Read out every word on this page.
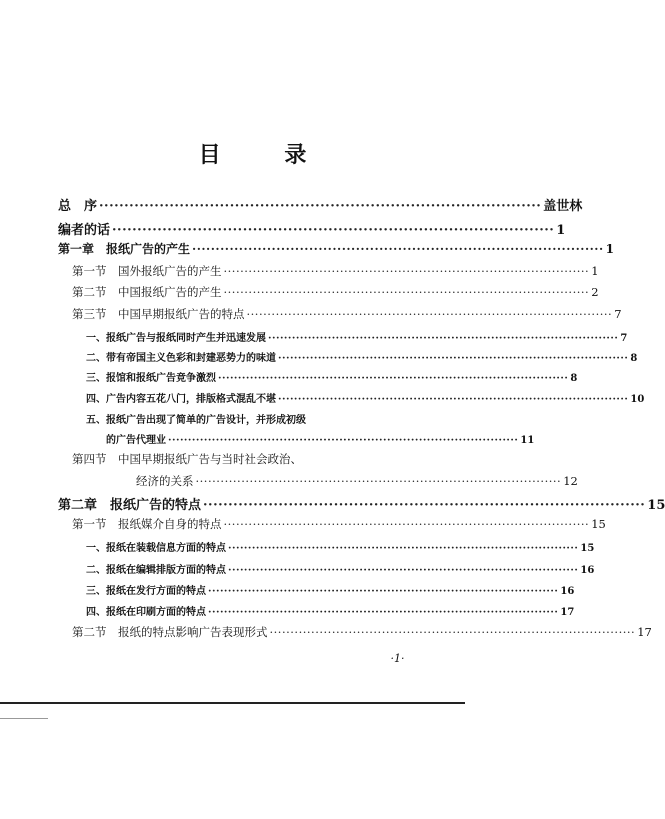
目 录
总　序 ························································································ 盖世林
编者的话 ························································································ 1
第一章　报纸广告的产生 ························································································ 1
第一节　国外报纸广告的产生 ························································································ 1
第二节　中国报纸广告的产生 ························································································ 2
第三节　中国早期报纸广告的特点 ························································································ 7
一、报纸广告与报纸同时产生并迅速发展 ························································································ 7
二、带有帝国主义色彩和封建恶势力的味道 ························································································ 8
三、报馆和报纸广告竞争激烈 ························································································ 8
四、广告内容五花八门，排版格式混乱不堪 ························································································ 10
五、报纸广告出现了简单的广告设计，并形成初级
的广告代理业 ························································································ 11
第四节　中国早期报纸广告与当时社会政治、
经济的关系 ························································································ 12
第二章　报纸广告的特点 ························································································ 15
第一节　报纸媒介自身的特点 ························································································ 15
一、报纸在装载信息方面的特点 ························································································ 15
二、报纸在编辑排版方面的特点 ························································································ 16
三、报纸在发行方面的特点 ························································································ 16
四、报纸在印刷方面的特点 ························································································ 17
第二节　报纸的特点影响广告表现形式 ························································································ 17
·1·
